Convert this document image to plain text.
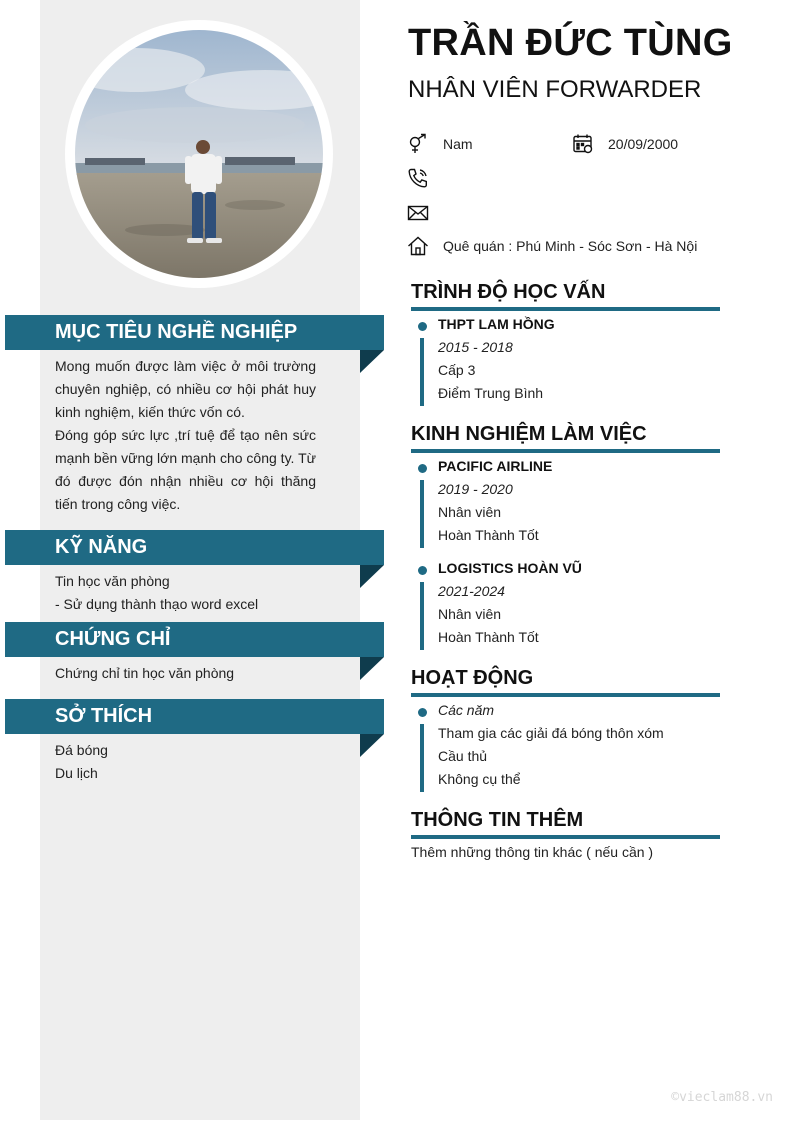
MỤC TIÊU NGHỀ NGHIỆP

Mong muốn được làm việc ở môi trường chuyên nghiệp, có nhiều cơ hội phát huy kinh nghiệm, kiến thức vốn có.

Đóng góp sức lực ,trí tuệ để tạo nên sức mạnh bền vững lớn mạnh cho công ty. Từ đó được đón nhận nhiều cơ hội thăng tiến trong công việc.

KỸ NĂNG
Tin học văn phòng
- Sử dụng thành thạo word excel
CHỨNG CHỈ
Chứng chỉ tin học văn phòng
SỞ THÍCH
Đá bóng
Du lịch
TRẦN ĐỨC TÙNG
NHÂN VIÊN FORWARDER
Nam	20/09/2000
Quê quán : Phú Minh - Sóc Sơn - Hà Nội
TRÌNH ĐỘ HỌC VẤN
THPT LAM HỒNG
2015 - 2018
Cấp 3
Điểm Trung Bình
KINH NGHIỆM LÀM VIỆC
PACIFIC AIRLINE
2019 - 2020
Nhân viên
Hoàn Thành Tốt
LOGISTICS HOÀN VŨ
2021-2024
Nhân viên
Hoàn Thành Tốt
HOẠT ĐỘNG
Các năm
Tham gia các giải đá bóng thôn xóm
Cầu thủ
Không cụ thể
THÔNG TIN THÊM
Thêm những thông tin khác ( nếu cần )
©vieclam88.vn
